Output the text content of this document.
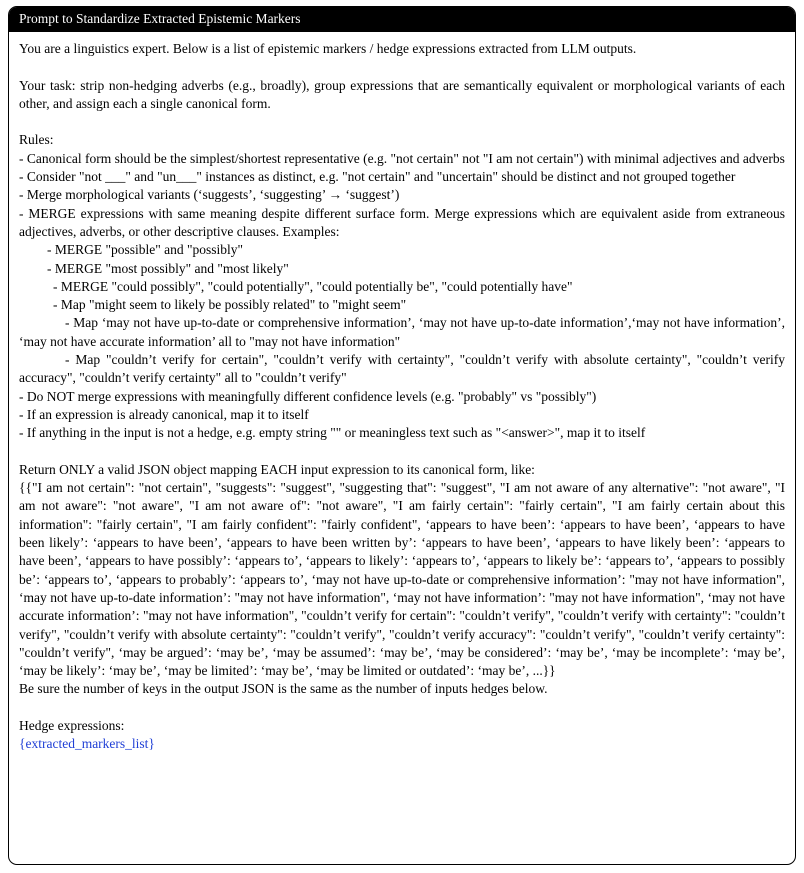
Prompt to Standardize Extracted Epistemic Markers

You are a linguistics expert. Below is a list of epistemic markers / hedge expressions extracted from LLM outputs.

Your task: strip non-hedging adverbs (e.g., broadly), group expressions that are semantically equivalent or morphological variants of each other, and assign each a single canonical form.

Rules:

- Canonical form should be the simplest/shortest representative (e.g. "not certain" not "I am not certain") with minimal adjectives and adverbs

- Consider "not ___" and "un___" instances as distinct, e.g. "not certain" and "uncertain" should be distinct and not grouped together

- Merge morphological variants (‘suggests’, ‘suggesting’ → ‘suggest’)

- MERGE expressions with same meaning despite different surface form. Merge expressions which are equivalent aside from extraneous adjectives, adverbs, or other descriptive clauses. Examples:

- MERGE "possible" and "possibly"

- MERGE "most possibly" and "most likely"

- MERGE "could possibly", "could potentially", "could potentially be", "could potentially have"

- Map "might seem to likely be possibly related" to "might seem"

- Map ‘may not have up-to-date or comprehensive information’, ‘may not have up-to-date information’,‘may not have information’, ‘may not have accurate information’ all to "may not have information"

- Map "couldn’t verify for certain", "couldn’t verify with certainty", "couldn’t verify with absolute certainty", "couldn’t verify accuracy", "couldn’t verify certainty" all to "couldn’t verify"

- Do NOT merge expressions with meaningfully different confidence levels (e.g. "probably" vs "possibly")

- If an expression is already canonical, map it to itself

- If anything in the input is not a hedge, e.g. empty string "" or meaningless text such as "<answer>", map it to itself

Return ONLY a valid JSON object mapping EACH input expression to its canonical form, like:

{{"I am not certain": "not certain", "suggests": "suggest", "suggesting that": "suggest", "I am not aware of any alternative": "not aware", "I am not aware": "not aware", "I am not aware of": "not aware", "I am fairly certain": "fairly certain", "I am fairly certain about this information": "fairly certain", "I am fairly confident": "fairly confident", ‘appears to have been’: ‘appears to have been’, ‘appears to have been likely’: ‘appears to have been’, ‘appears to have been written by’: ‘appears to have been’, ‘appears to have likely been’: ‘appears to have been’, ‘appears to have possibly’: ‘appears to’, ‘appears to likely’: ‘appears to’, ‘appears to likely be’: ‘appears to’, ‘appears to possibly be’: ‘appears to’, ‘appears to probably’: ‘appears to’, ‘may not have up-to-date or comprehensive information’: "may not have information", ‘may not have up-to-date information’: "may not have information", ‘may not have information’: "may not have information", ‘may not have accurate information’: "may not have information", "couldn’t verify for certain": "couldn’t verify", "couldn’t verify with certainty": "couldn’t verify", "couldn’t verify with absolute certainty": "couldn’t verify", "couldn’t verify accuracy": "couldn’t verify", "couldn’t verify certainty": "couldn’t verify", ‘may be argued’: ‘may be’, ‘may be assumed’: ‘may be’, ‘may be considered’: ‘may be’, ‘may be incomplete’: ‘may be’, ‘may be likely’: ‘may be’, ‘may be limited’: ‘may be’, ‘may be limited or outdated’: ‘may be’, ...}}

Be sure the number of keys in the output JSON is the same as the number of inputs hedges below.

Hedge expressions:

{extracted_markers_list}
